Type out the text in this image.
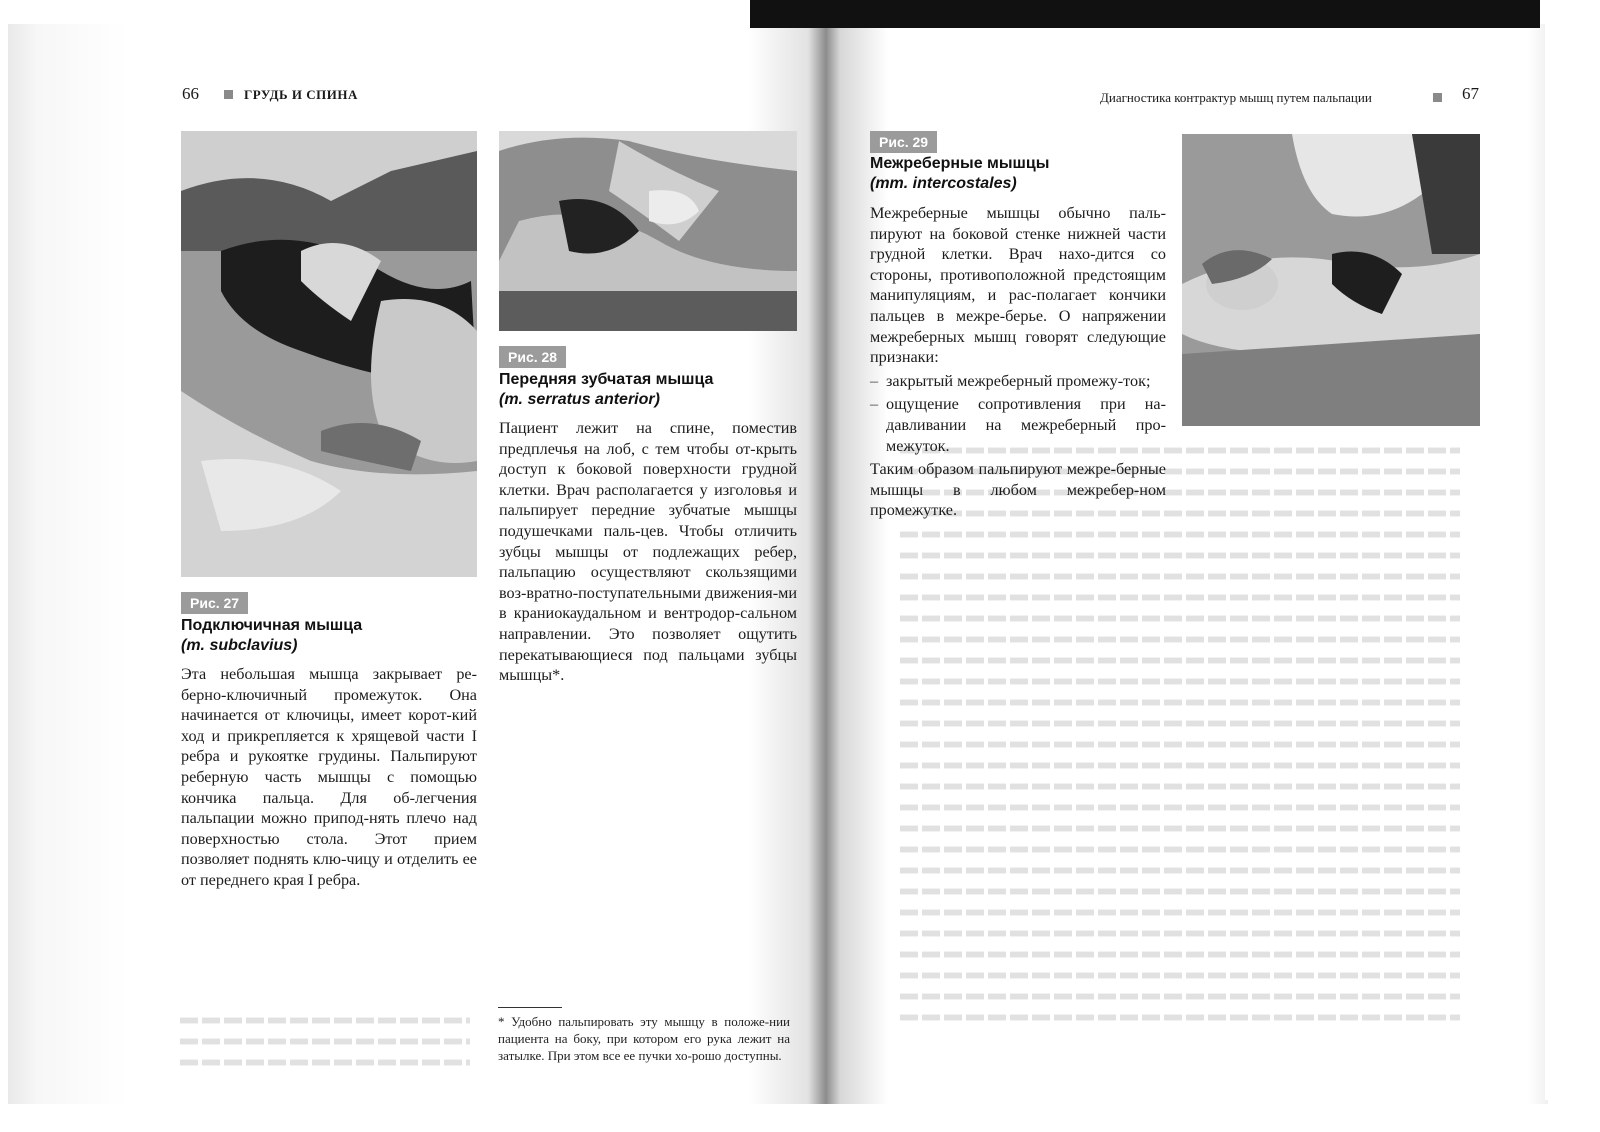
66	ГРУДЬ И СПИНА	Диагностика контрактур мышц путем пальпации	67
Рис. 27
Подключичная мышца
(m. subclavius)

Эта небольшая мышца закрывает ре-берно-ключичный промежуток. Она начинается от ключицы, имеет корот-кий ход и прикрепляется к хрящевой части I ребра и рукоятке грудины. Пальпируют реберную часть мышцы с помощью кончика пальца. Для об-легчения пальпации можно припод-нять плечо над поверхностью стола. Этот прием позволяет поднять клю-чицу и отделить ее от переднего края I ребра.

Рис. 28
Передняя зубчатая мышца
(m. serratus anterior)

Пациент лежит на спине, поместив предплечья на лоб, с тем чтобы от-крыть доступ к боковой поверхности грудной клетки. Врач располагается у изголовья и пальпирует передние зубчатые мышцы подушечками паль-цев. Чтобы отличить зубцы мышцы от подлежащих ребер, пальпацию осуществляют скользящими воз-вратно-поступательными движения-ми в краниокаудальном и вентродор-сальном направлении. Это позволяет ощутить перекатывающиеся под пальцами зубцы мышцы*.

* Удобно пальпировать эту мышцу в положе-нии пациента на боку, при котором его рука лежит на затылке. При этом все ее пучки хо-рошо доступны.
Рис. 29
Межреберные мышцы
(mm. intercostales)

Межреберные мышцы обычно паль-пируют на боковой стенке нижней части грудной клетки. Врач нахо-дится со стороны, противоположной предстоящим манипуляциям, и рас-полагает кончики пальцев в межре-берье. О напряжении межреберных мышц говорят следующие признаки:

– закрытый межреберный промежу-ток;
– ощущение сопротивления при на-давливании на межреберный про-межуток.

Таким образом пальпируют межре-берные мышцы в любом межребер-ном промежутке.
